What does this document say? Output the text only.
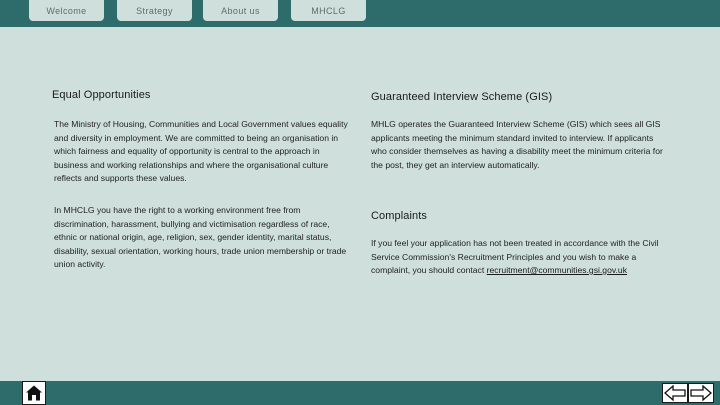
Welcome	Strategy	About us	MHCLG
Equal Opportunities

The Ministry of Housing, Communities and Local Government values equality and diversity in employment. We are committed to being an organisation in which fairness and equality of opportunity is central to the approach in business and working relationships and where the organisational culture reflects and supports these values.

In MHCLG you have the right to a working environment free from discrimination, harassment, bullying and victimisation regardless of race, ethnic or national origin, age, religion, sex, gender identity, marital status, disability, sexual orientation, working hours, trade union membership or trade union activity.

Guaranteed Interview Scheme (GIS)

MHLG operates the Guaranteed Interview Scheme (GIS) which sees all GIS applicants meeting the minimum standard invited to interview. If applicants who consider themselves as having a disability meet the minimum criteria for the post, they get an interview automatically.

Complaints

If you feel your application has not been treated in accordance with the Civil Service Commission's Recruitment Principles and you wish to make a complaint, you should contact recruitment@communities.gsi.gov.uk
